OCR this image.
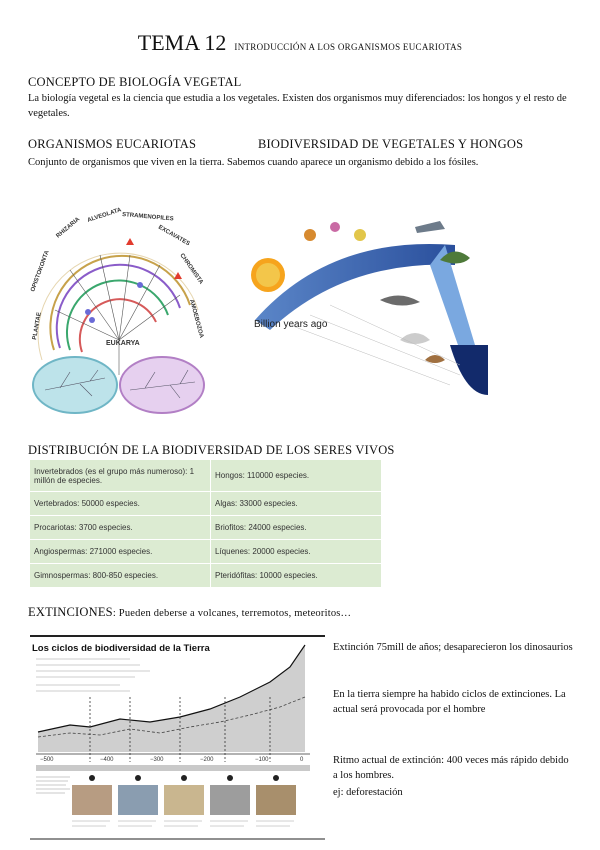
TEMA 12 INTRODUCCIÓN A LOS ORGANISMOS EUCARIOTAS
CONCEPTO DE BIOLOGÍA VEGETAL
La biología vegetal es la ciencia que estudia a los vegetales. Existen dos organismos muy diferenciados: los hongos y el resto de vegetales.
ORGANISMOS EUCARIOTAS	BIODIVERSIDAD DE VEGETALES Y HONGOS
Conjunto de organismos que viven en la tierra. Sabemos cuando aparece un organismo debido a los fósiles.
OPISTOKONTA
RHIZARIA
ALVEOLATA STRAMENOPILES
EXCAVATES
CHROMISTA
AMOEBOZOA
PLANTAE
EUKARYA
Billion years ago
DISTRIBUCIÓN DE LA BIODIVERSIDAD DE LOS SERES VIVOS
Invertebrados (es el grupo más numeroso): 1 millón de especies.	Hongos: 110000 especies.
Vertebrados: 50000 especies.	Algas: 33000 especies.
Procariotas: 3700 especies.	Briofitos: 24000 especies.
Angiospermas: 271000 especies.	Líquenes: 20000 especies.
Gimnospermas: 800-850 especies.	Pteridófitas: 10000 especies.
EXTINCIONES: Pueden deberse a volcanes, terremotos, meteoritos…
Los ciclos de biodiversidad de la Tierra
−500	−400	−300	−200	−100	0
Extinción 75mill de años; desaparecieron los dinosaurios
En la tierra siempre ha habido ciclos de extinciones. La actual será provocada por el hombre
Ritmo actual de extinción: 400 veces más rápido debido a los hombres.
ej: deforestación
